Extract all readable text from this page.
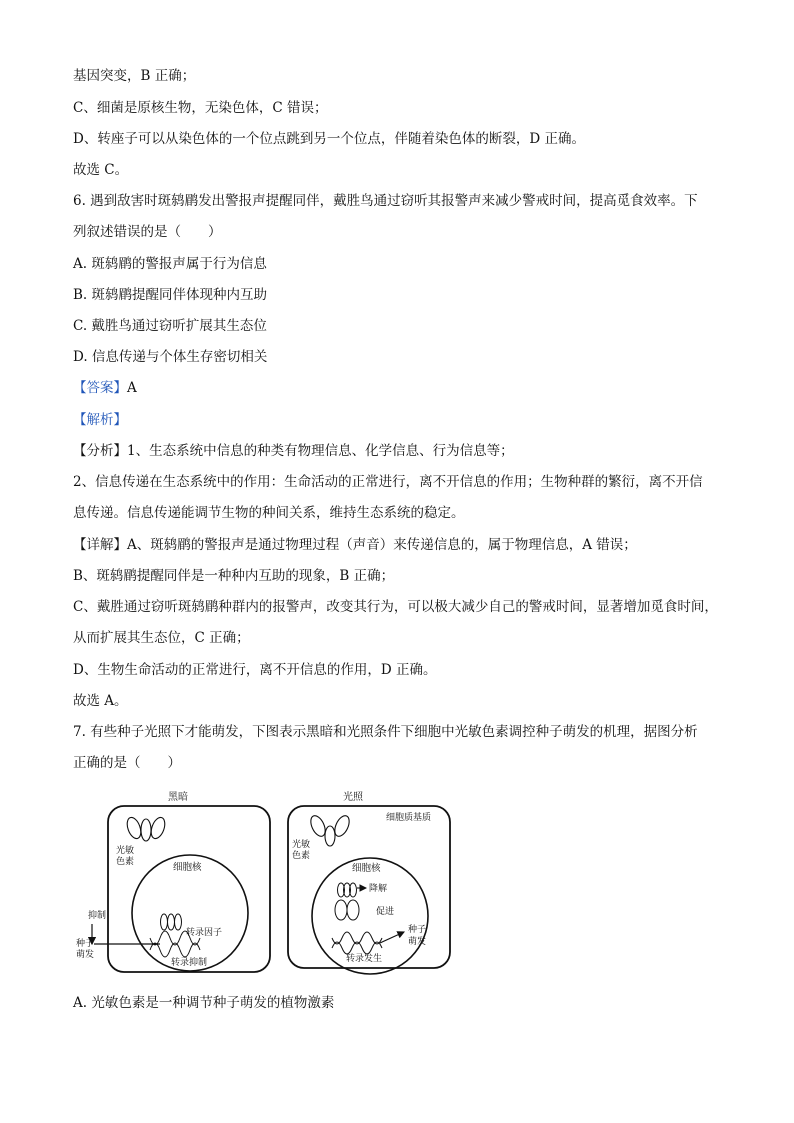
基因突变，B 正确；
C、细菌是原核生物，无染色体，C 错误；
D、转座子可以从染色体的一个位点跳到另一个位点，伴随着染色体的断裂，D 正确。
故选 C。
6. 遇到敌害时斑鸫鹛发出警报声提醒同伴，戴胜鸟通过窃听其报警声来减少警戒时间，提高觅食效率。下
列叙述错误的是（　　）
A. 斑鸫鹛的警报声属于行为信息
B. 斑鸫鹛提醒同伴体现种内互助
C. 戴胜鸟通过窃听扩展其生态位
D. 信息传递与个体生存密切相关
【答案】A
【解析】
【分析】1、生态系统中信息的种类有物理信息、化学信息、行为信息等；
2、信息传递在生态系统中的作用：生命活动的正常进行，离不开信息的作用；生物种群的繁衍，离不开信
息传递。信息传递能调节生物的种间关系，维持生态系统的稳定。
【详解】A、斑鸫鹛的警报声是通过物理过程（声音）来传递信息的，属于物理信息，A 错误；
B、斑鸫鹛提醒同伴是一种种内互助的现象，B 正确；
C、戴胜通过窃听斑鸫鹛种群内的报警声，改变其行为，可以极大减少自己的警戒时间，显著增加觅食时间，
从而扩展其生态位，C 正确；
D、生物生命活动的正常进行，离不开信息的作用，D 正确。
故选 A。
7. 有些种子光照下才能萌发，下图表示黑暗和光照条件下细胞中光敏色素调控种子萌发的机理，据图分析
正确的是（　　）
黑暗
光敏
色素	细胞核
转录因子
转录抑制
抑制
种子
萌发
光照
细胞质基质
光敏
色素
细胞核
降解
促进
种子
萌发
转录发生
A. 光敏色素是一种调节种子萌发的植物激素
